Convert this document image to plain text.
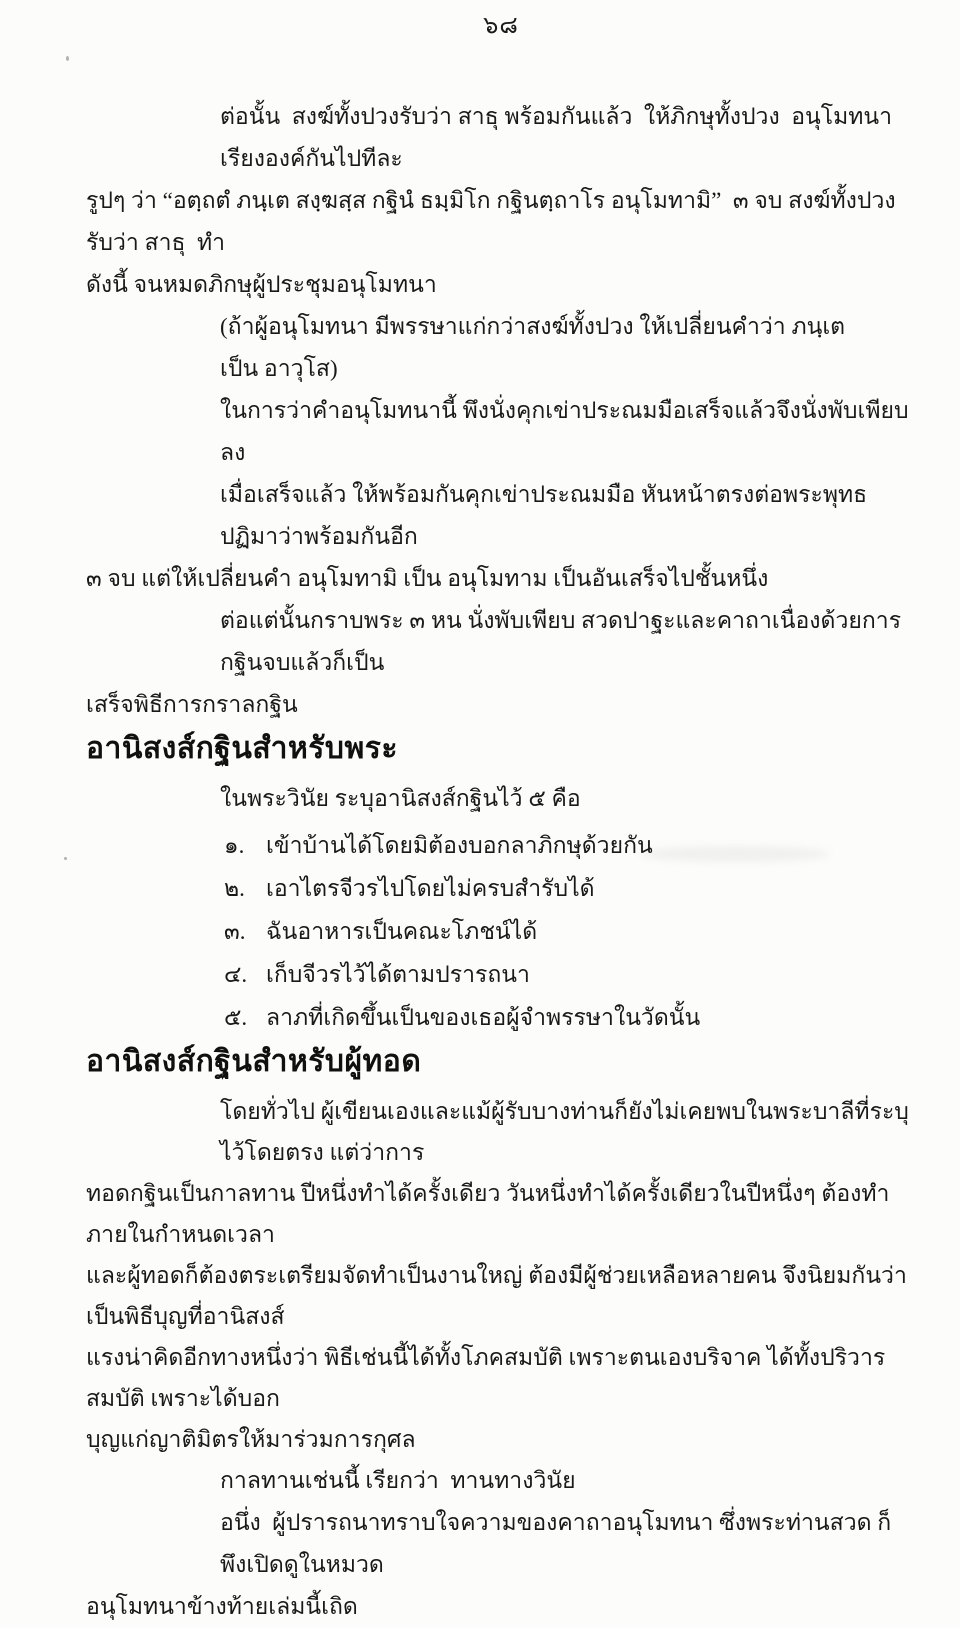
๖๘
ต่อนั้น  สงฆ์ทั้งปวงรับว่า สาธุ พร้อมกันแล้ว  ให้ภิกษุทั้งปวง  อนุโมทนาเรียงองค์กันไปทีละ
รูปๆ ว่า “อตฺถตํ ภนฺเต สงฺฆสฺส กฐินํ ธมฺมิโก กฐินตฺถาโร อนุโมทามิ”  ๓ จบ สงฆ์ทั้งปวงรับว่า สาธุ  ทำ
ดังนี้ จนหมดภิกษุผู้ประชุมอนุโมทนา
(ถ้าผู้อนุโมทนา มีพรรษาแก่กว่าสงฆ์ทั้งปวง ให้เปลี่ยนคำว่า ภนฺเต        เป็น อาวุโส)
ในการว่าคำอนุโมทนานี้ พึงนั่งคุกเข่าประณมมือเสร็จแล้วจึงนั่งพับเพียบลง
เมื่อเสร็จแล้ว ให้พร้อมกันคุกเข่าประณมมือ หันหน้าตรงต่อพระพุทธปฏิมาว่าพร้อมกันอีก
๓ จบ แต่ให้เปลี่ยนคำ อนุโมทามิ เป็น อนุโมทาม เป็นอันเสร็จไปชั้นหนึ่ง
ต่อแต่นั้นกราบพระ ๓ หน นั่งพับเพียบ สวดปาฐะและคาถาเนื่องด้วยการกฐินจบแล้วก็เป็น
เสร็จพิธีการกราลกฐิน
อานิสงส์กฐินสำหรับพระ
ในพระวินัย ระบุอานิสงส์กฐินไว้ ๕ คือ
๑. เข้าบ้านได้โดยมิต้องบอกลาภิกษุด้วยกัน
๒. เอาไตรจีวรไปโดยไม่ครบสำรับได้
๓. ฉันอาหารเป็นคณะโภชน์ได้
๔. เก็บจีวรไว้ได้ตามปรารถนา
๕. ลาภที่เกิดขึ้นเป็นของเธอผู้จำพรรษาในวัดนั้น
อานิสงส์กฐินสำหรับผู้ทอด
โดยทั่วไป ผู้เขียนเองและแม้ผู้รับบางท่านก็ยังไม่เคยพบในพระบาลีที่ระบุไว้โดยตรง แต่ว่าการ
ทอดกฐินเป็นกาลทาน ปีหนึ่งทำได้ครั้งเดียว วันหนึ่งทำได้ครั้งเดียวในปีหนึ่งๆ ต้องทำภายในกำหนดเวลา
และผู้ทอดก็ต้องตระเตรียมจัดทำเป็นงานใหญ่ ต้องมีผู้ช่วยเหลือหลายคน จึงนิยมกันว่าเป็นพิธีบุญที่อานิสงส์
แรงน่าคิดอีกทางหนึ่งว่า พิธีเช่นนี้ได้ทั้งโภคสมบัติ เพราะตนเองบริจาค ได้ทั้งปริวารสมบัติ เพราะได้บอก
บุญแก่ญาติมิตรให้มาร่วมการกุศล
กาลทานเช่นนี้ เรียกว่า  ทานทางวินัย
อนึ่ง  ผู้ปรารถนาทราบใจความของคาถาอนุโมทนา ซึ่งพระท่านสวด ก็พึงเปิดดูในหมวด
อนุโมทนาข้างท้ายเล่มนี้เถิด
